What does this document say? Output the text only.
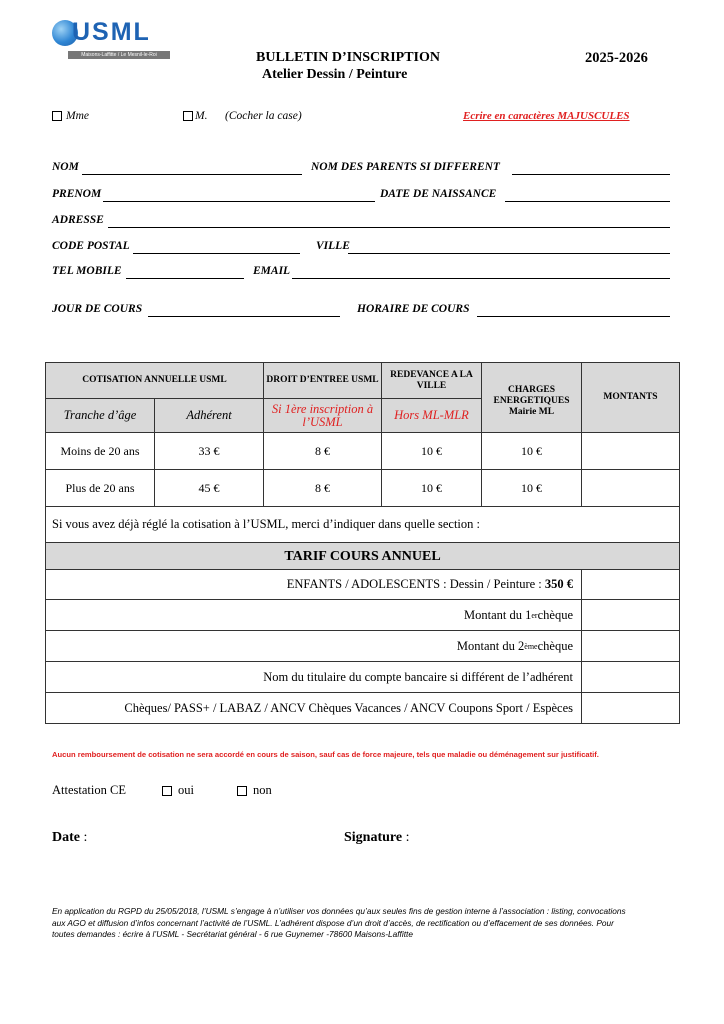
USML
Maisons-Laffitte / Le Mesnil-le-Roi	BULLETIN D’INSCRIPTION
Atelier Dessin / Peinture
2025-2026
Mme	M. (Cocher la case)	Ecrire en caractères MAJUSCULES
NOM	NOM DES PARENTS SI DIFFERENT
PRENOM	DATE DE NAISSANCE
ADRESSE
CODE POSTAL	VILLE
TEL MOBILE	EMAIL
JOUR DE COURS	HORAIRE DE COURS
COTISATION ANNUELLE USML	DROIT D’ENTREE USML
REDEVANCE A LA VILLE	CHARGES ENERGETIQUES
Mairie ML
MONTANTS
Tranche d’âge	Adhérent	Si 1ère inscription à l’USML	Hors ML-MLR
Moins de 20 ans	33 €	8 €	10 €	10 €
Plus de 20 ans	45 €	8 €	10 €	10 €
Si vous avez déjà réglé la cotisation à l’USML, merci d’indiquer dans quelle section :
TARIF COURS ANNUEL
ENFANTS / ADOLESCENTS : Dessin / Peinture :
350 €
Montant du 1 er chèque
Montant du 2 ème chèque
Nom du titulaire du compte bancaire si différent de l’adhérent
Chèques/ PASS+ / LABAZ / ANCV Chèques Vacances / ANCV Coupons Sport / Espèces
Aucun remboursement de cotisation ne sera accordé en cours de saison, sauf cas de force majeure, tels que maladie ou déménagement sur justificatif.
Attestation CE	oui	non
Date :	Signature :
En application du RGPD du 25/05/2018, l’USML s’engage à n’utiliser vos données qu’aux seules fins de gestion interne à l’association : listing, convocations
aux AGO et diffusion d’infos concernant l’activité de l’USML. L’adhérent dispose d’un droit d’accès, de rectification ou d’effacement de ses données. Pour
toutes demandes : écrire à l’USML - Secrétariat général - 6 rue Guynemer -78600 Maisons-Laffitte
